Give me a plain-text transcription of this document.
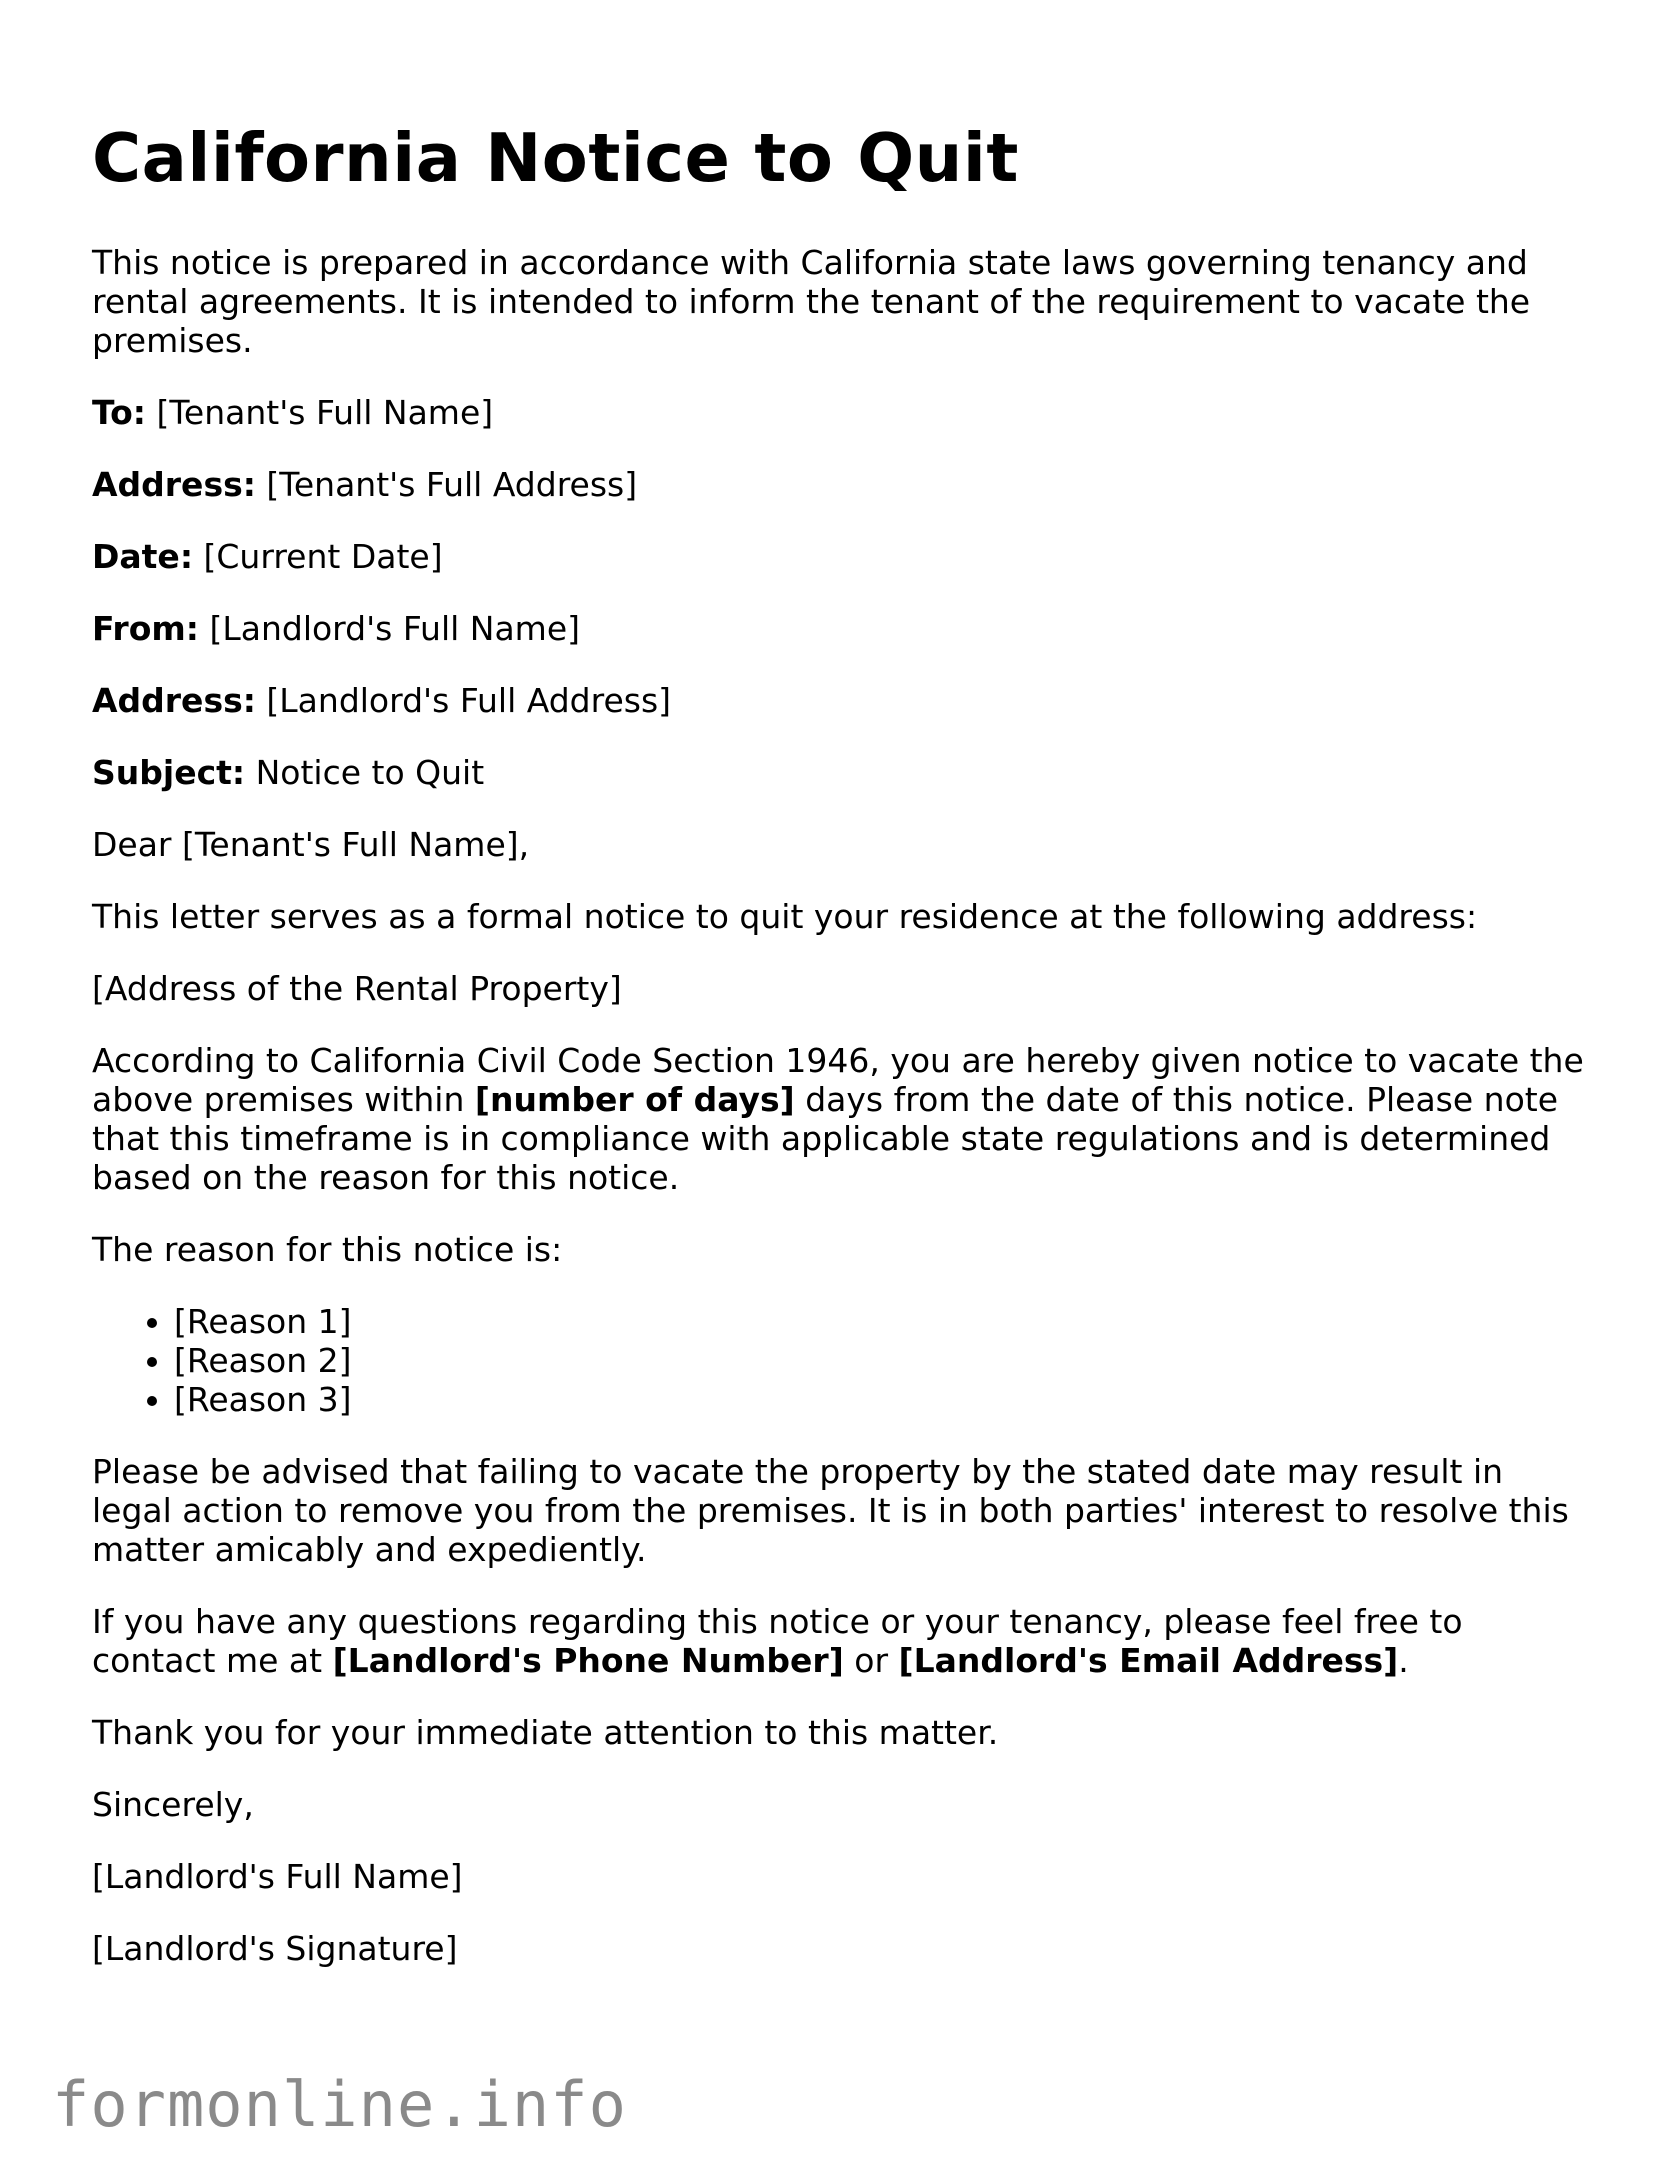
California Notice to Quit

This notice is prepared in accordance with California state laws governing tenancy and rental agreements. It is intended to inform the tenant of the requirement to vacate the premises.

To: [Tenant's Full Name]

Address: [Tenant's Full Address]

Date: [Current Date]

From: [Landlord's Full Name]

Address: [Landlord's Full Address]

Subject: Notice to Quit

Dear [Tenant's Full Name],

This letter serves as a formal notice to quit your residence at the following address:

[Address of the Rental Property]

According to California Civil Code Section 1946, you are hereby given notice to vacate the above premises within [number of days] days from the date of this notice. Please note that this timeframe is in compliance with applicable state regulations and is determined based on the reason for this notice.

The reason for this notice is:

• [Reason 1]
• [Reason 2]
• [Reason 3]

Please be advised that failing to vacate the property by the stated date may result in legal action to remove you from the premises. It is in both parties' interest to resolve this matter amicably and expediently.

If you have any questions regarding this notice or your tenancy, please feel free to contact me at [Landlord's Phone Number] or [Landlord's Email Address].

Thank you for your immediate attention to this matter.

Sincerely,

[Landlord's Full Name]

[Landlord's Signature]

formonline.info
